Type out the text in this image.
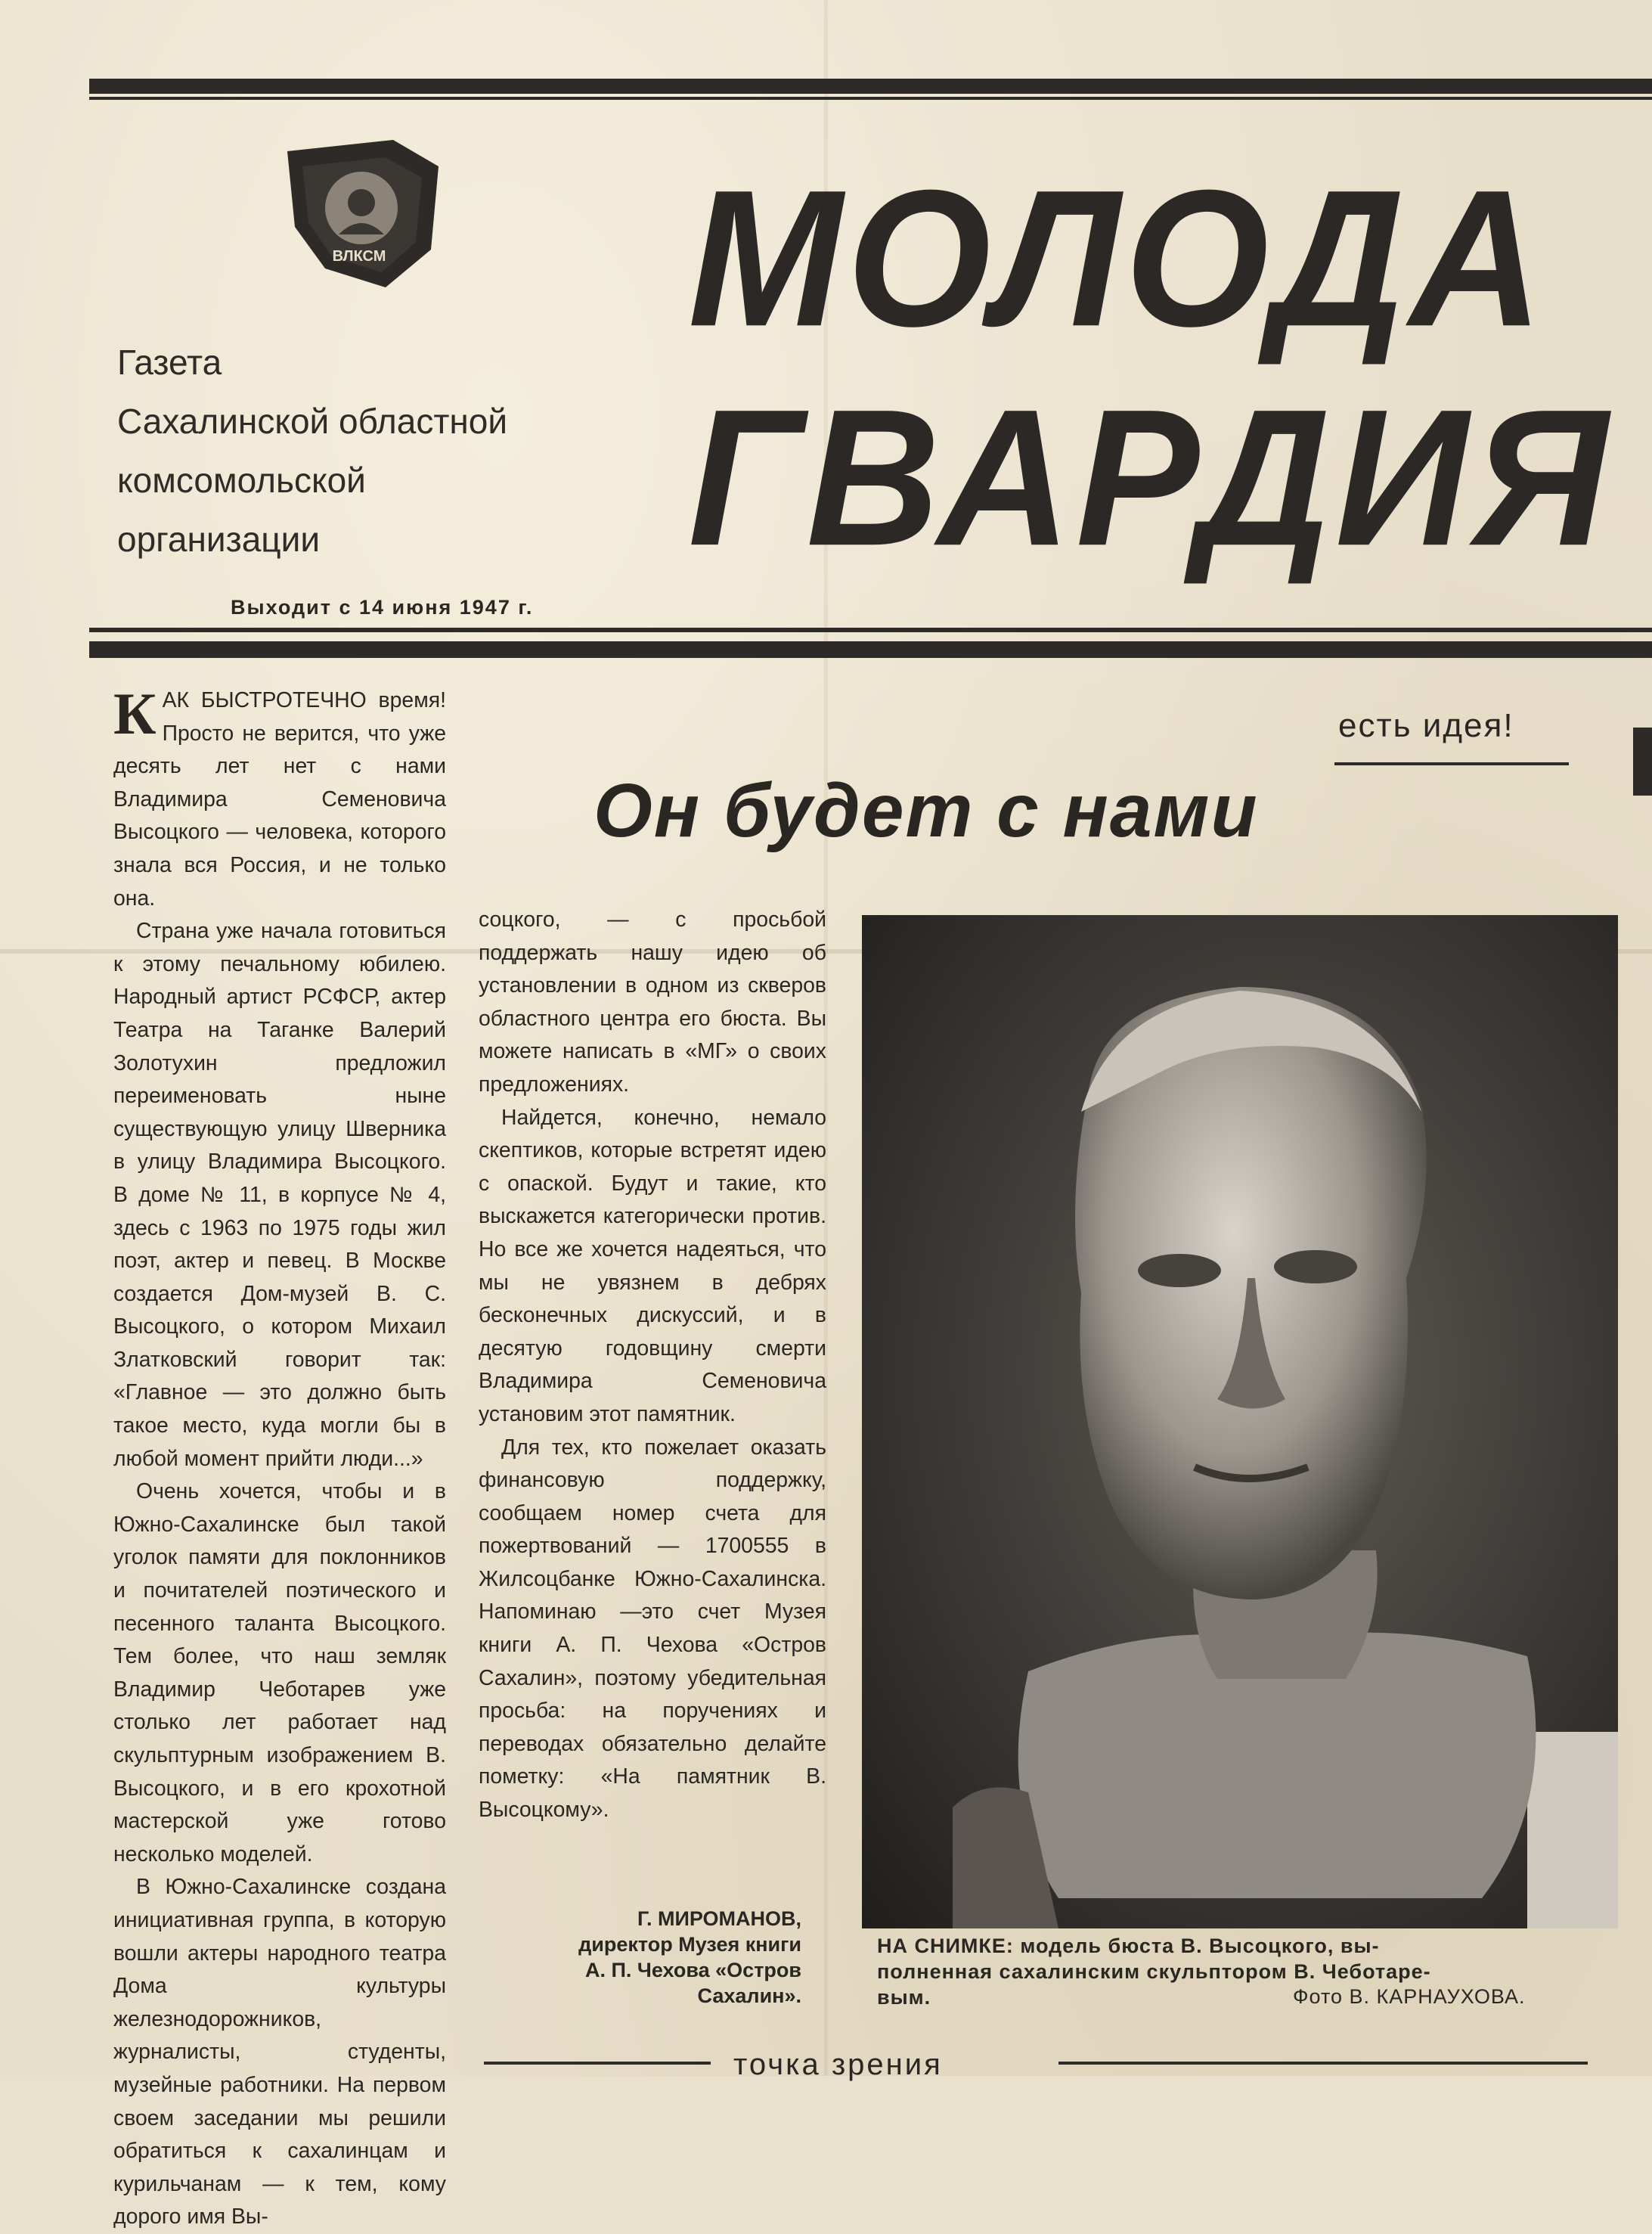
ВЛКСМ
Газета
Сахалинской областной
комсомольской
организации
Выходит с 14 июня 1947 г.
МОЛОДА
ГВАРДИЯ
есть идея!
Он будет с нами

КАК БЫСТРОТЕЧНО время! Просто не верится, что уже десять лет нет с нами Владимира Семеновича Высоцкого — человека, которого знала вся Россия, и не только она.

Страна уже начала готовиться к этому печальному юбилею. Народный артист РСФСР, актер Театра на Таганке Валерий Золотухин предложил переименовать ныне существующую улицу Шверника в улицу Владимира Высоцкого. В доме № 11, в корпусе № 4, здесь с 1963 по 1975 годы жил поэт, актер и певец. В Москве создается Дом-музей В. С. Высоцкого, о котором Михаил Златковский говорит так: «Главное — это должно быть такое место, куда могли бы в любой момент прийти люди...»

Очень хочется, чтобы и в Южно-Сахалинске был такой уголок памяти для поклонников и почитателей поэтического и песенного таланта Высоцкого. Тем более, что наш земляк Владимир Чеботарев уже столько лет работает над скульптурным изображением В. Высоцкого, и в его крохотной мастерской уже готово несколько моделей.

В Южно-Сахалинске создана инициативная группа, в которую вошли актеры народного театра Дома культуры железнодорожников, журналисты, студенты, музейные работники. На первом своем заседании мы решили обратиться к сахалинцам и курильчанам — к тем, кому дорого имя Вы-

соцкого, — с просьбой поддержать нашу идею об установлении в одном из скверов областного центра его бюста. Вы можете написать в «МГ» о своих предложениях.

Найдется, конечно, немало скептиков, которые встретят идею с опаской. Будут и такие, кто выскажется категорически против. Но все же хочется надеяться, что мы не увязнем в дебрях бесконечных дискуссий, и в десятую годовщину смерти Владимира Семеновича установим этот памятник.

Для тех, кто пожелает оказать финансовую поддержку, сообщаем номер счета для пожертвований — 1700555 в Жилсоцбанке Южно-Сахалинска. Напоминаю —это счет Музея книги А. П. Чехова «Остров Сахалин», поэтому убедительная просьба: на поручениях и переводах обязательно делайте пометку: «На памятник В. Высоцкому».

Г. МИРОМАНОВ,
директор Музея книги
А. П. Чехова «Остров
Сахалин».
НА СНИМКЕ: модель бюста В. Высоцкого, вы-
полненная сахалинским скульптором В. Чеботаре-
вым.	Фото В. КАРНАУХОВА.
точка зрения
